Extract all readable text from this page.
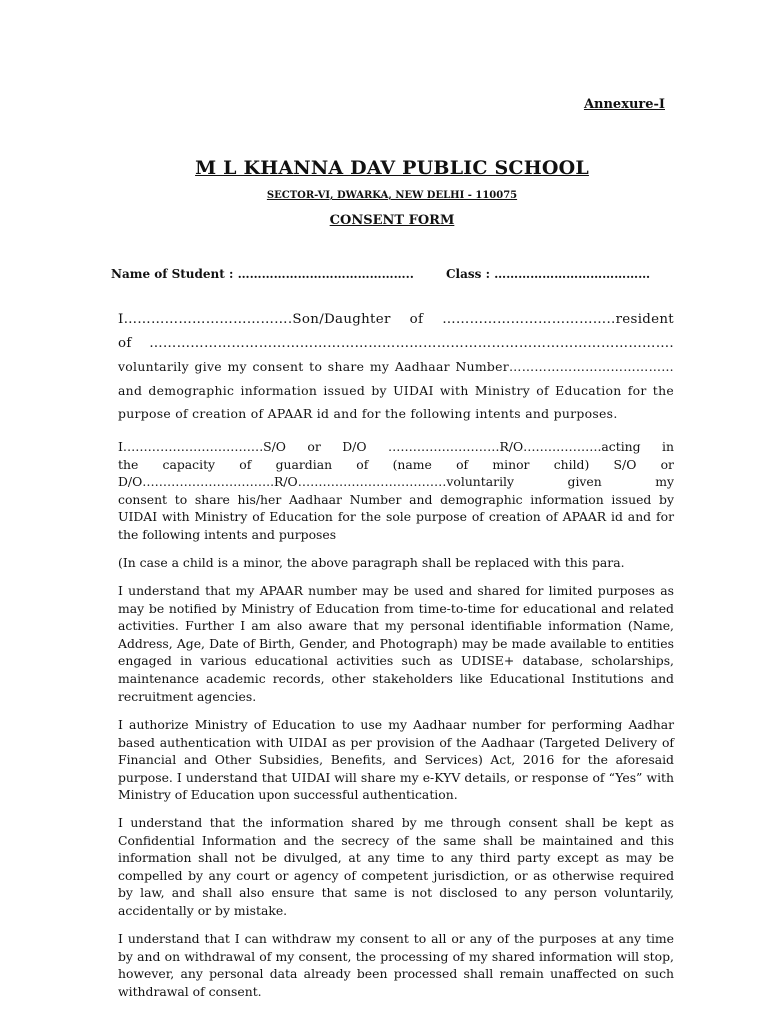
Annexure-I
M L KHANNA DAV PUBLIC SCHOOL
SECTOR-VI, DWARKA, NEW DELHI - 110075
CONSENT FORM
Name of Student : ……………………………………..	Class : …………………………………
I……………………………….Son/Daughter of ………………………………..resident
of …………………………………………………………………………………………………….
voluntarily give my consent to share my Aadhaar Number…………………………………
and demographic information issued by UIDAI with Ministry of Education for the
purpose of creation of APAAR id and for the following intents and purposes.
I…………………………….S/O or D/O ………………………R/O……………….acting in
the capacity of guardian of (name of minor child) S/O or
D/O…………………………..R/O………………………………voluntarily given my
consent to share his/her Aadhaar Number and demographic information issued by UIDAI with Ministry of Education for the sole purpose of creation of APAAR id and for the following intents and purposes

(In case a child is a minor, the above paragraph shall be replaced with this para.

I understand that my APAAR number may be used and shared for limited purposes as may be notified by Ministry of Education from time-to-time for educational and related activities. Further I am also aware that my personal identifiable information (Name, Address, Age, Date of Birth, Gender, and Photograph) may be made available to entities engaged in various educational activities such as UDISE+ database, scholarships, maintenance academic records, other stakeholders like Educational Institutions and recruitment agencies.

I authorize Ministry of Education to use my Aadhaar number for performing Aadhar based authentication with UIDAI as per provision of the Aadhaar (Targeted Delivery of Financial and Other Subsidies, Benefits, and Services) Act, 2016 for the aforesaid purpose. I understand that UIDAI will share my e-KYV details, or response of “Yes” with Ministry of Education upon successful authentication.

I understand that the information shared by me through consent shall be kept as Confidential Information and the secrecy of the same shall be maintained and this information shall not be divulged, at any time to any third party except as may be compelled by any court or agency of competent jurisdiction, or as otherwise required by law, and shall also ensure that same is not disclosed to any person voluntarily, accidentally or by mistake.

I understand that I can withdraw my consent to all or any of the purposes at any time by and on withdrawal of my consent, the processing of my shared information will stop, however, any personal data already been processed shall remain unaffected on such withdrawal of consent.
